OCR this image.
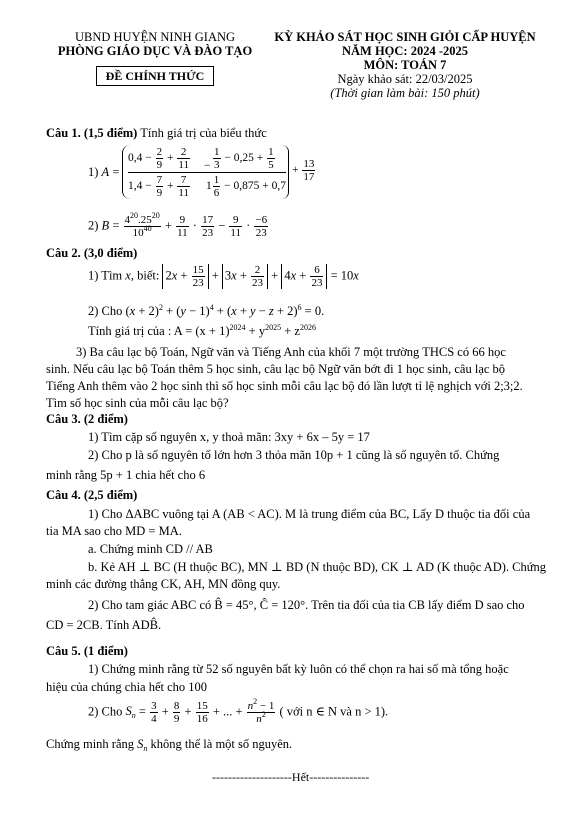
UBND HUYỆN NINH GIANG
PHÒNG GIÁO DỤC VÀ ĐÀO TẠO
ĐỀ CHÍNH THỨC
KỲ KHẢO SÁT HỌC SINH GIỎI CẤP HUYỆN
NĂM HỌC: 2024 -2025
MÔN: TOÁN 7
Ngày khảo sát: 22/03/2025
(Thời gian làm bài: 150 phút)
Câu 1. (1,5 điểm) Tính giá trị của biểu thức
1) A =
$0,4 - \frac{2}{9} + \frac{2}{11}$
$1,4 - \frac{7}{9} + \frac{7}{11}$
− $\frac{1}{3} - 0,25 + \frac{1}{5}$
$1 \frac{1}{6} - 0,875 + 0,7$
+ $\frac{13}{17}$
2) $B = \frac{4^{20}.25^{20}}{10^{40}} + \frac{9}{11} \cdot \frac{17}{23} - \frac{9}{11} \cdot \frac{-6}{23}$
Câu 2. (3,0 điểm)
1) Tìm x, biết: $2x + \frac{15}{23} + 3x + \frac{2}{23} + 4x + \frac{6}{23} = 10x$
2) Cho $(x + 2)^2 + (y - 1)^4 + (x + y - z + 2)^6 = 0$.
Tính giá trị của : $A = (x + 1)^{2024} + y^{2025} + z^{2026}$
3) Ba câu lạc bộ Toán, Ngữ văn và Tiếng Anh của khối 7 một trường THCS có 66 học
sinh. Nếu câu lạc bộ Toán thêm 5 học sinh, câu lạc bộ Ngữ văn bớt đi 1 học sinh, câu lạc bộ
Tiếng Anh thêm vào 2 học sinh thì số học sinh mỗi câu lạc bộ đó lần lượt tỉ lệ nghịch với 2;3;2.
Tìm số học sinh của mỗi câu lạc bộ?
Câu 3. (2 điểm)
1) Tìm cặp số nguyên x, y thoả mãn: 3xy + 6x – 5y = 17
2) Cho p là số nguyên tố lớn hơn 3 thỏa mãn 10p + 1 cũng là số nguyên tố. Chứng
minh rằng 5p + 1 chia hết cho 6
Câu 4. (2,5 điểm)
1) Cho ΔABC vuông tại A (AB < AC). M là trung điểm của BC, Lấy D thuộc tia đối của
tia MA sao cho MD = MA.
a. Chứng minh CD // AB
b. Kẻ AH ⊥ BC (H thuộc BC), MN ⊥ BD (N thuộc BD), CK ⊥ AD (K thuộc AD). Chứng
minh các đường thẳng CK, AH, MN đồng quy.
2) Cho tam giác ABC có B̂ = 45°, Ĉ = 120°. Trên tia đối của tia CB lấy điểm D sao cho
CD = 2CB. Tính ADB̂.
Câu 5. (1 điểm)
1) Chứng minh rằng từ 52 số nguyên bất kỳ luôn có thể chọn ra hai số mà tổng hoặc
hiệu của chúng chia hết cho 100
2) Cho $S_n = \frac{3}{4} + \frac{8}{9} + \frac{15}{16}$ + ... + $\frac{n^2 - 1}{n^2}$ ( với n ∈ N và n > 1).
Chứng minh rằng $S_n$ không thể là một số nguyên.
--------------------Hết---------------
